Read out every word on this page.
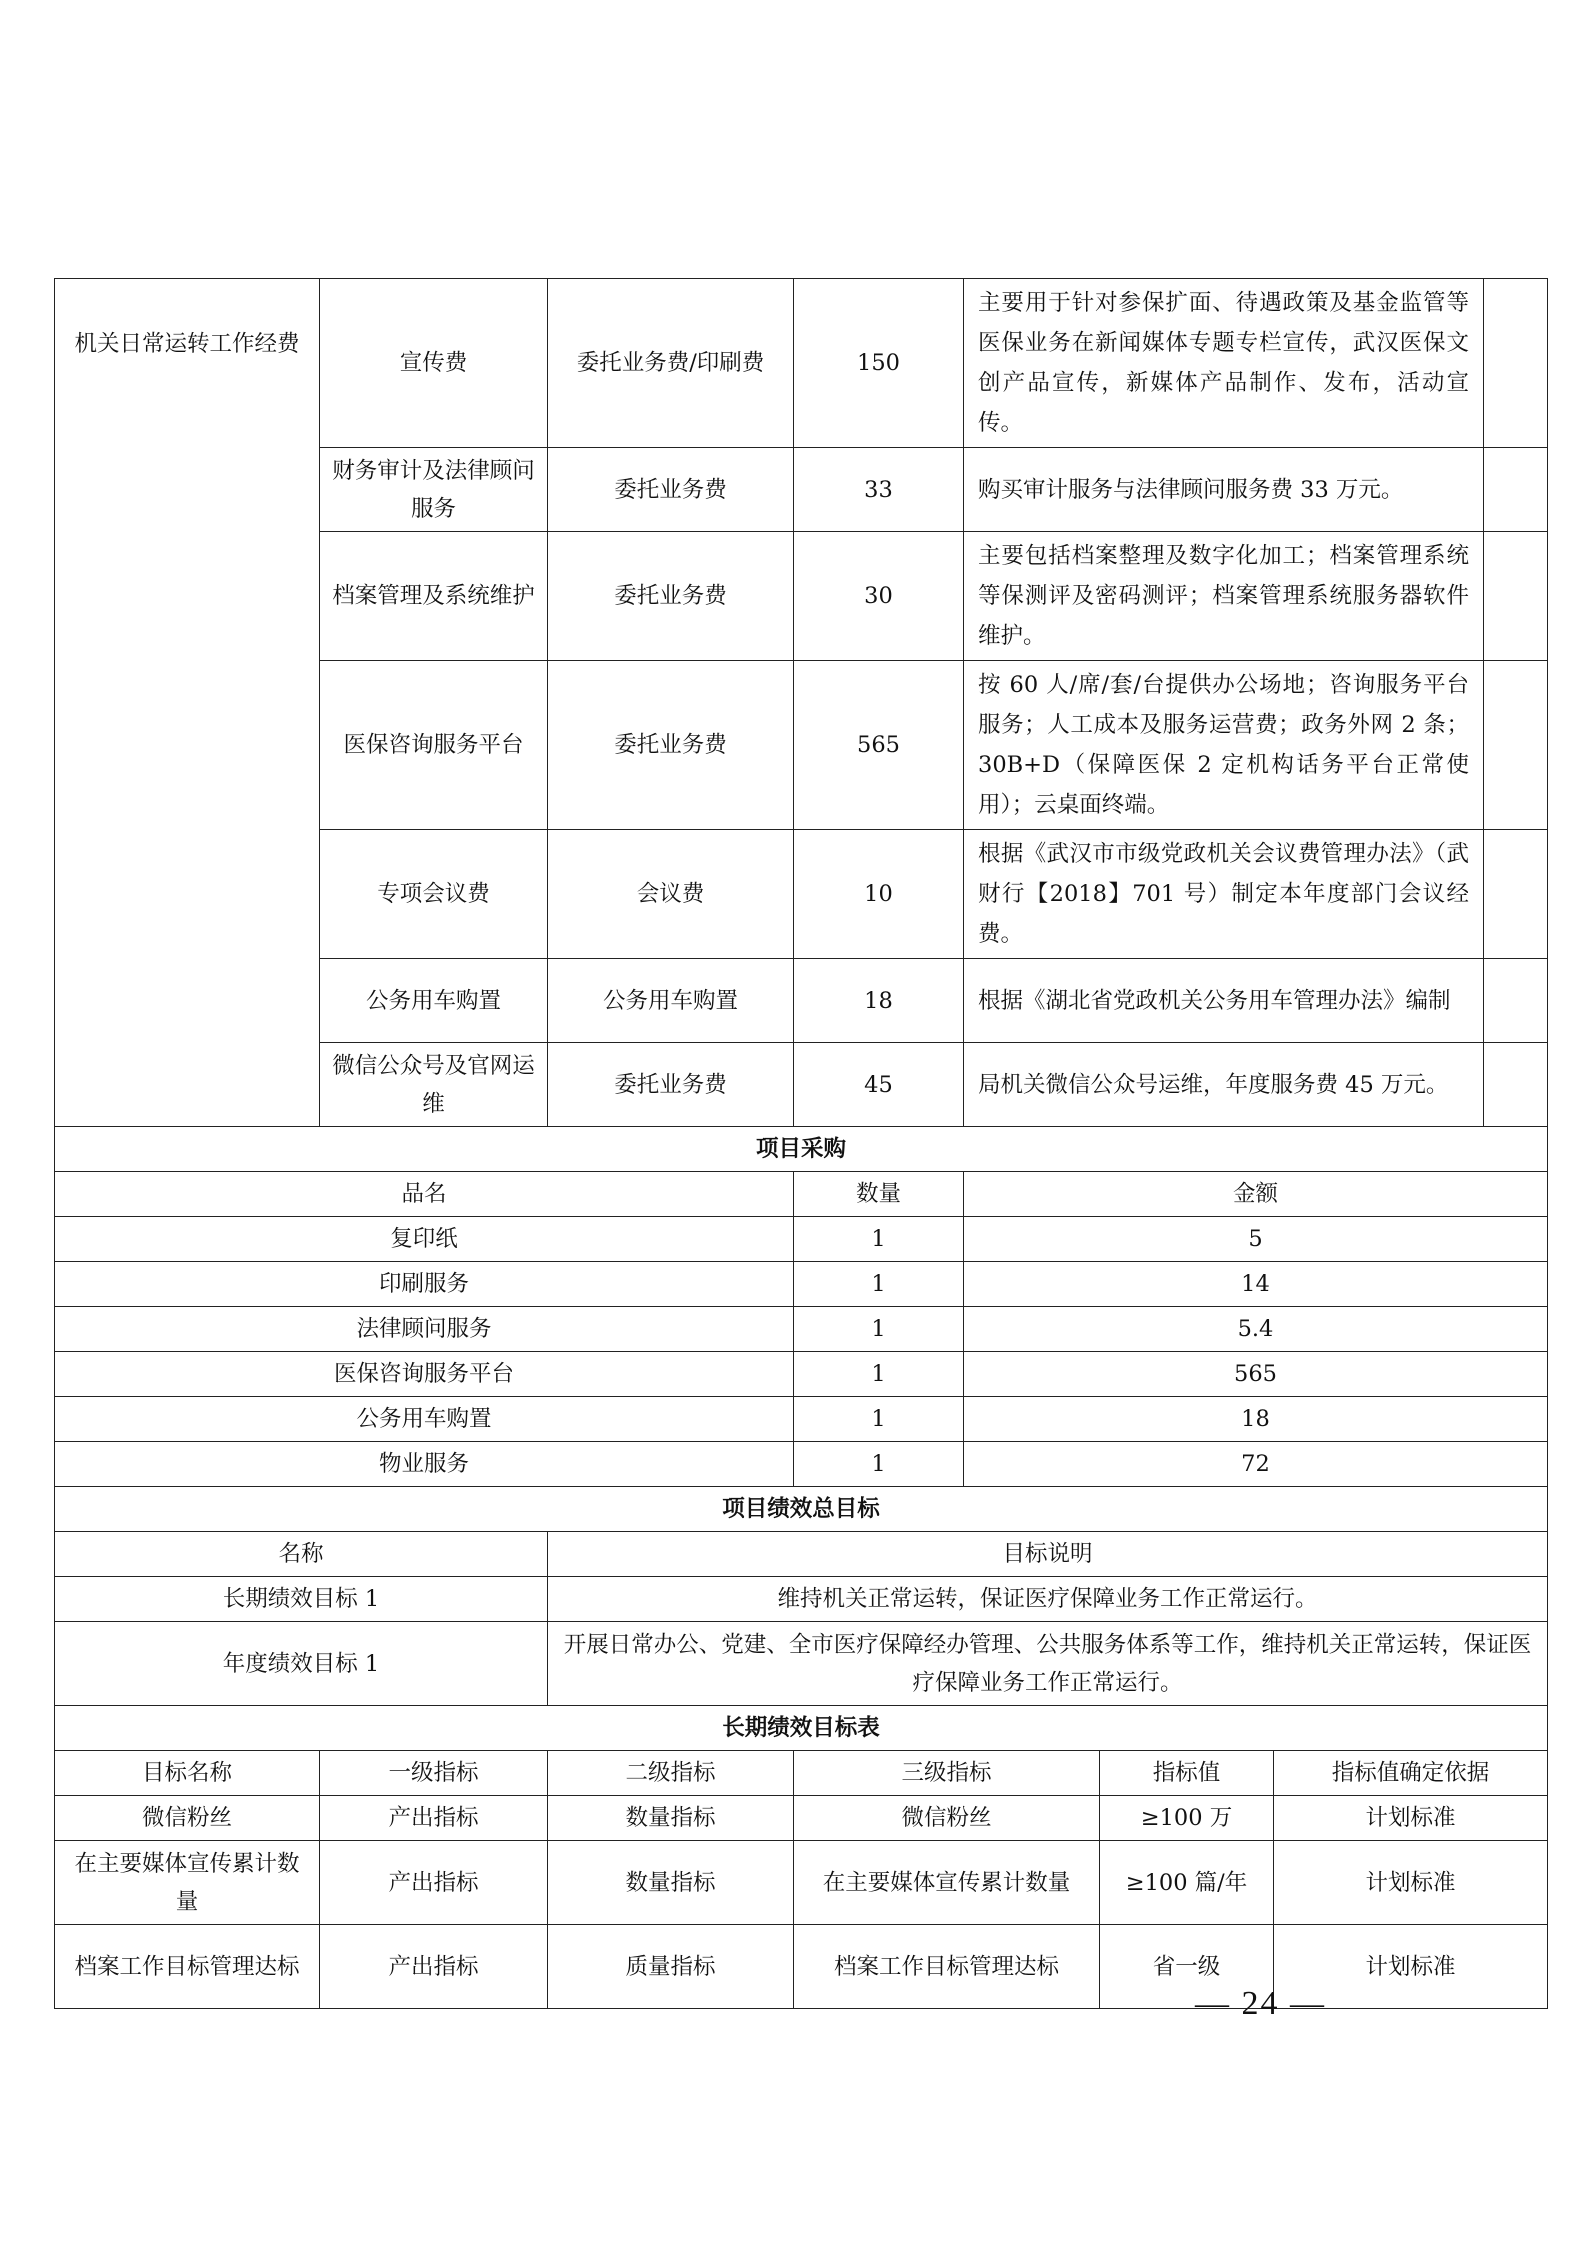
机关日常运转工作经费	宣传费	委托业务费/印刷费	150	主要用于针对参保扩面、待遇政策及基金监管等医保业务在新闻媒体专题专栏宣传，武汉医保文创产品宣传，新媒体产品制作、发布，活动宣传。			
	财务审计及法律顾问服务	委托业务费	33	购买审计服务与法律顾问服务费 33 万元。			
	档案管理及系统维护	委托业务费	30	主要包括档案整理及数字化加工；档案管理系统等保测评及密码测评；档案管理系统服务器软件维护。			
	医保咨询服务平台	委托业务费	565	按 60 人/席/套/台提供办公场地；咨询服务平台服务；人工成本及服务运营费；政务外网 2 条；30B+D（保障医保 2 定机构话务平台正常使用）；云桌面终端。			
	专项会议费	会议费	10	根据《武汉市市级党政机关会议费管理办法》（武财行【2018】701 号）制定本年度部门会议经费。			
	公务用车购置	公务用车购置	18	根据《湖北省党政机关公务用车管理办法》编制			
	微信公众号及官网运维	委托业务费	45	局机关微信公众号运维，年度服务费 45 万元。			
项目采购							
品名			数量	金额			
复印纸			1	5			
印刷服务			1	14			
法律顾问服务			1	5.4			
医保咨询服务平台			1	565			
公务用车购置			1	18			
物业服务			1	72			
项目绩效总目标							
名称		目标说明					
长期绩效目标 1		维持机关正常运转，保证医疗保障业务工作正常运行。					
年度绩效目标 1		开展日常办公、党建、全市医疗保障经办管理、公共服务体系等工作，维持机关正常运转，保证医疗保障业务工作正常运行。					
长期绩效目标表							
目标名称	一级指标	二级指标	三级指标		指标值	指标值确定依据	
微信粉丝	产出指标	数量指标	微信粉丝		≥100 万	计划标准	
在主要媒体宣传累计数量	产出指标	数量指标	在主要媒体宣传累计数量		≥100 篇/年	计划标准	
档案工作目标管理达标	产出指标	质量指标	档案工作目标管理达标		省一级	计划标准	
— 24 —
